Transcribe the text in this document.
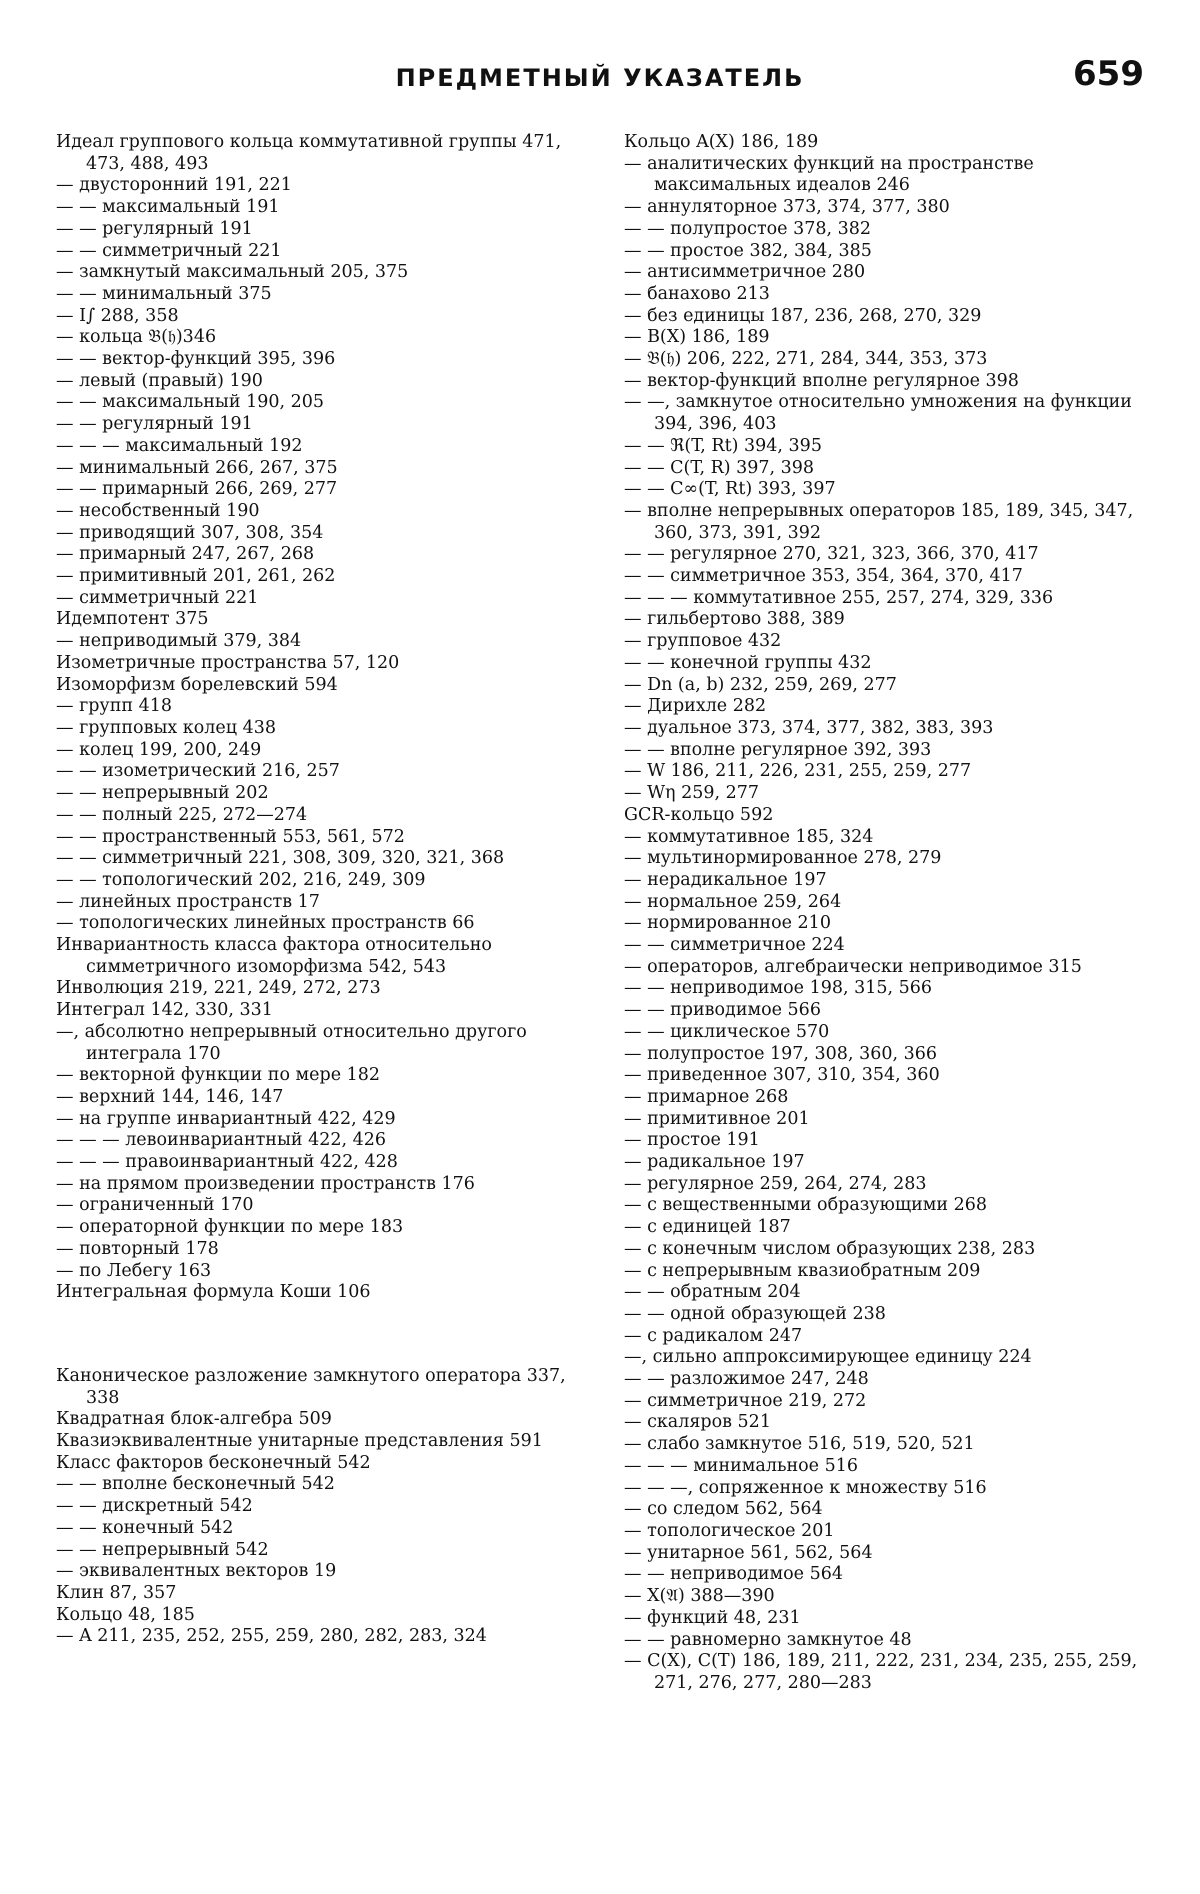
ПРЕДМЕТНЫЙ УКАЗАТЕЛЬ	659
Идеал группового кольца коммутативной группы 471, 473, 488, 493
— двусторонний 191, 221
— — максимальный 191
— — регулярный 191
— — симметричный 221
— замкнутый максимальный 205, 375
— — минимальный 375
— I∫ 288, 358
— кольца 𝔅(𝔥)346
— — вектор-функций 395, 396
— левый (правый) 190
— — максимальный 190, 205
— — регулярный 191
— — — максимальный 192
— минимальный 266, 267, 375
— — примарный 266, 269, 277
— несобственный 190
— приводящий 307, 308, 354
— примарный 247, 267, 268
— примитивный 201, 261, 262
— симметричный 221
Идемпотент 375
— неприводимый 379, 384
Изометричные пространства 57, 120
Изоморфизм борелевский 594
— групп 418
— групповых колец 438
— колец 199, 200, 249
— — изометрический 216, 257
— — непрерывный 202
— — полный 225, 272—274
— — пространственный 553, 561, 572
— — симметричный 221, 308, 309, 320, 321, 368
— — топологический 202, 216, 249, 309
— линейных пространств 17
— топологических линейных пространств 66
Инвариантность класса фактора относительно симметричного изоморфизма 542, 543
Инволюция 219, 221, 249, 272, 273
Интеграл 142, 330, 331
—, абсолютно непрерывный относительно другого интеграла 170
— векторной функции по мере 182
— верхний 144, 146, 147
— на группе инвариантный 422, 429
— — — левоинвариантный 422, 426
— — — правоинвариантный 422, 428
— на прямом произведении пространств 176
— ограниченный 170
— операторной функции по мере 183
— повторный 178
— по Лебегу 163
Интегральная формула Коши 106
Каноническое разложение замкнутого оператора 337, 338
Квадратная блок-алгебра 509
Квазиэквивалентные унитарные представления 591
Класс факторов бесконечный 542
— — вполне бесконечный 542
— — дискретный 542
— — конечный 542
— — непрерывный 542
— эквивалентных векторов 19
Клин 87, 357
Кольцо 48, 185
— A 211, 235, 252, 255, 259, 280, 282, 283, 324
Кольцо A(X) 186, 189
— аналитических функций на пространстве максимальных идеалов 246
— аннуляторное 373, 374, 377, 380
— — полупростое 378, 382
— — простое 382, 384, 385
— антисимметричное 280
— банахово 213
— без единицы 187, 236, 268, 270, 329
— B(X) 186, 189
— 𝔅(𝔥) 206, 222, 271, 284, 344, 353, 373
— вектор-функций вполне регулярное 398
— —, замкнутое относительно умножения на функции 394, 396, 403
— — ℜ(T, Rt) 394, 395
— — C(T, R) 397, 398
— — C∞(T, Rt) 393, 397
— вполне непрерывных операторов 185, 189, 345, 347, 360, 373, 391, 392
— — регулярное 270, 321, 323, 366, 370, 417
— — симметричное 353, 354, 364, 370, 417
— — — коммутативное 255, 257, 274, 329, 336
— гильбертово 388, 389
— групповое 432
— — конечной группы 432
— Dn (a, b) 232, 259, 269, 277
— Дирихле 282
— дуальное 373, 374, 377, 382, 383, 393
— — вполне регулярное 392, 393
— W 186, 211, 226, 231, 255, 259, 277
— Wη 259, 277
GCR-кольцо 592
— коммутативное 185, 324
— мультинормированное 278, 279
— нерадикальное 197
— нормальное 259, 264
— нормированное 210
— — симметричное 224
— операторов, алгебраически неприводимое 315
— — неприводимое 198, 315, 566
— — приводимое 566
— — циклическое 570
— полупростое 197, 308, 360, 366
— приведенное 307, 310, 354, 360
— примарное 268
— примитивное 201
— простое 191
— радикальное 197
— регулярное 259, 264, 274, 283
— с вещественными образующими 268
— с единицей 187
— с конечным числом образующих 238, 283
— с непрерывным квазиобратным 209
— — обратным 204
— — одной образующей 238
— с радикалом 247
—, сильно аппроксимирующее единицу 224
— — разложимое 247, 248
— симметричное 219, 272
— скаляров 521
— слабо замкнутое 516, 519, 520, 521
— — — минимальное 516
— — —, сопряженное к множеству 516
— со следом 562, 564
— топологическое 201
— унитарное 561, 562, 564
— — неприводимое 564
— X(𝔄) 388—390
— функций 48, 231
— — равномерно замкнутое 48
— C(X), C(T) 186, 189, 211, 222, 231, 234, 235, 255, 259, 271, 276, 277, 280—283
